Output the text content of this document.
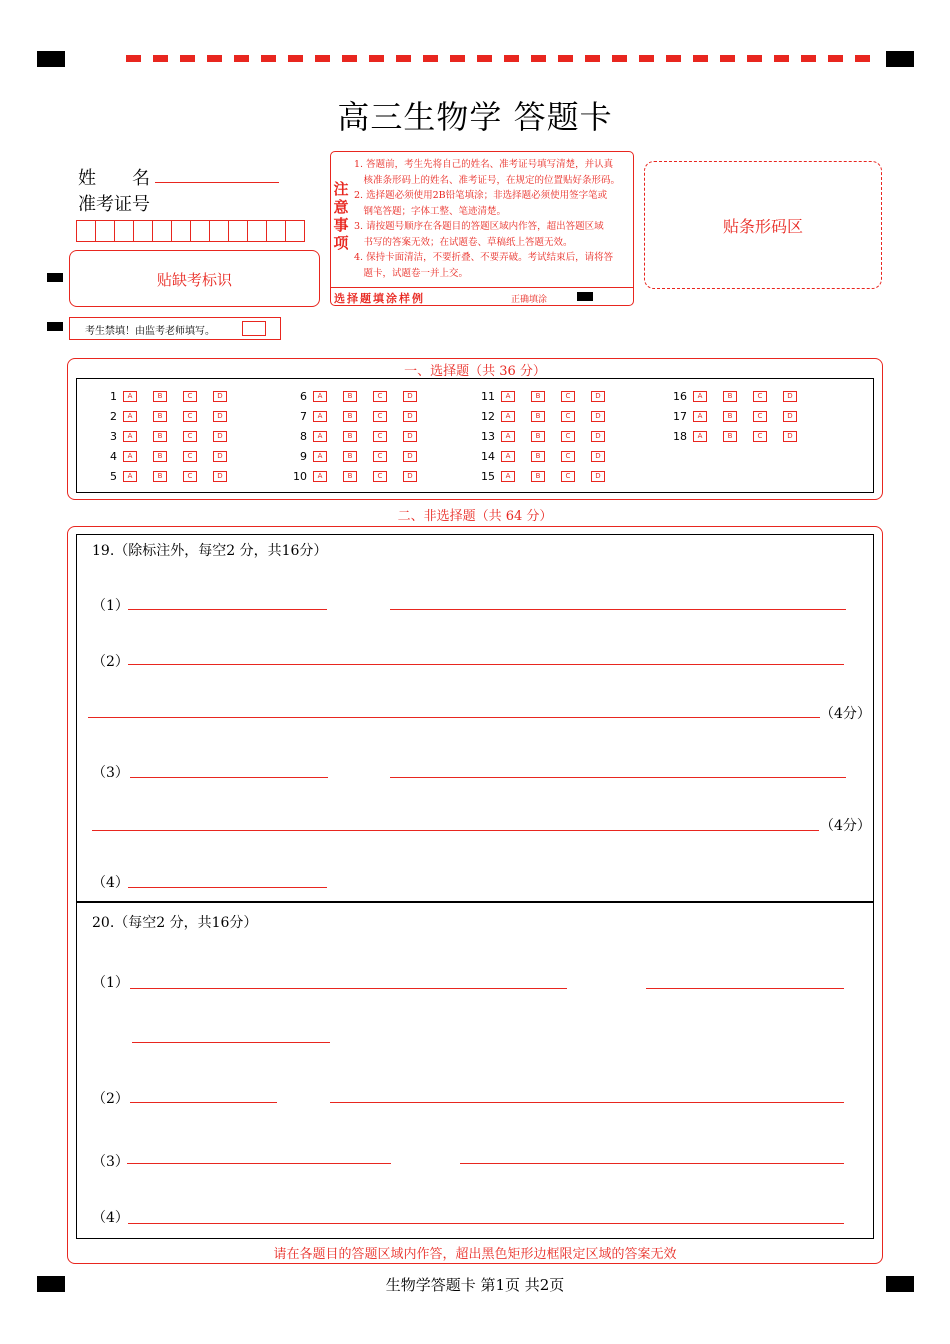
高三生物学 答题卡
姓　　名
准考证号
贴缺考标识
考生禁填！由监考老师填写。
注
意
事
项
1. 答题前，考生先将自己的姓名、准考证号填写清楚，并认真
　核准条形码上的姓名、准考证号，在规定的位置贴好条形码。
2. 选择题必须使用2B铅笔填涂；非选择题必须使用签字笔或
　钢笔答题；字体工整、笔迹清楚。
3. 请按题号顺序在各题目的答题区域内作答，超出答题区域
　书写的答案无效；在试题卷、草稿纸上答题无效。
4. 保持卡面清洁，不要折叠、不要弄破。考试结束后，请将答
　题卡，试题卷一并上交。
选择题填涂样例	正确填涂
贴条形码区
一、选择题（共 36 分）
1	A	B	C	D
2	A	B	C	D
3	A	B	C	D
4	A	B	C	D
5	A	B	C	D
6	A	B	C	D
7	A	B	C	D
8	A	B	C	D
9	A	B	C	D
10	A	B	C	D
11	A	B	C	D
12	A	B	C	D
13	A	B	C	D
14	A	B	C	D
15	A	B	C	D
16	A	B	C	D
17	A	B	C	D
18	A	B	C	D
二、非选择题（共 64 分）
19.（除标注外，每空2 分，共16分）
（1）
（2）
（4分）
（3）
（4分）
（4）
20.（每空2 分，共16分）
（1）
（2）
（3）
（4）
请在各题目的答题区域内作答，超出黑色矩形边框限定区域的答案无效
生物学答题卡 第1页 共2页
